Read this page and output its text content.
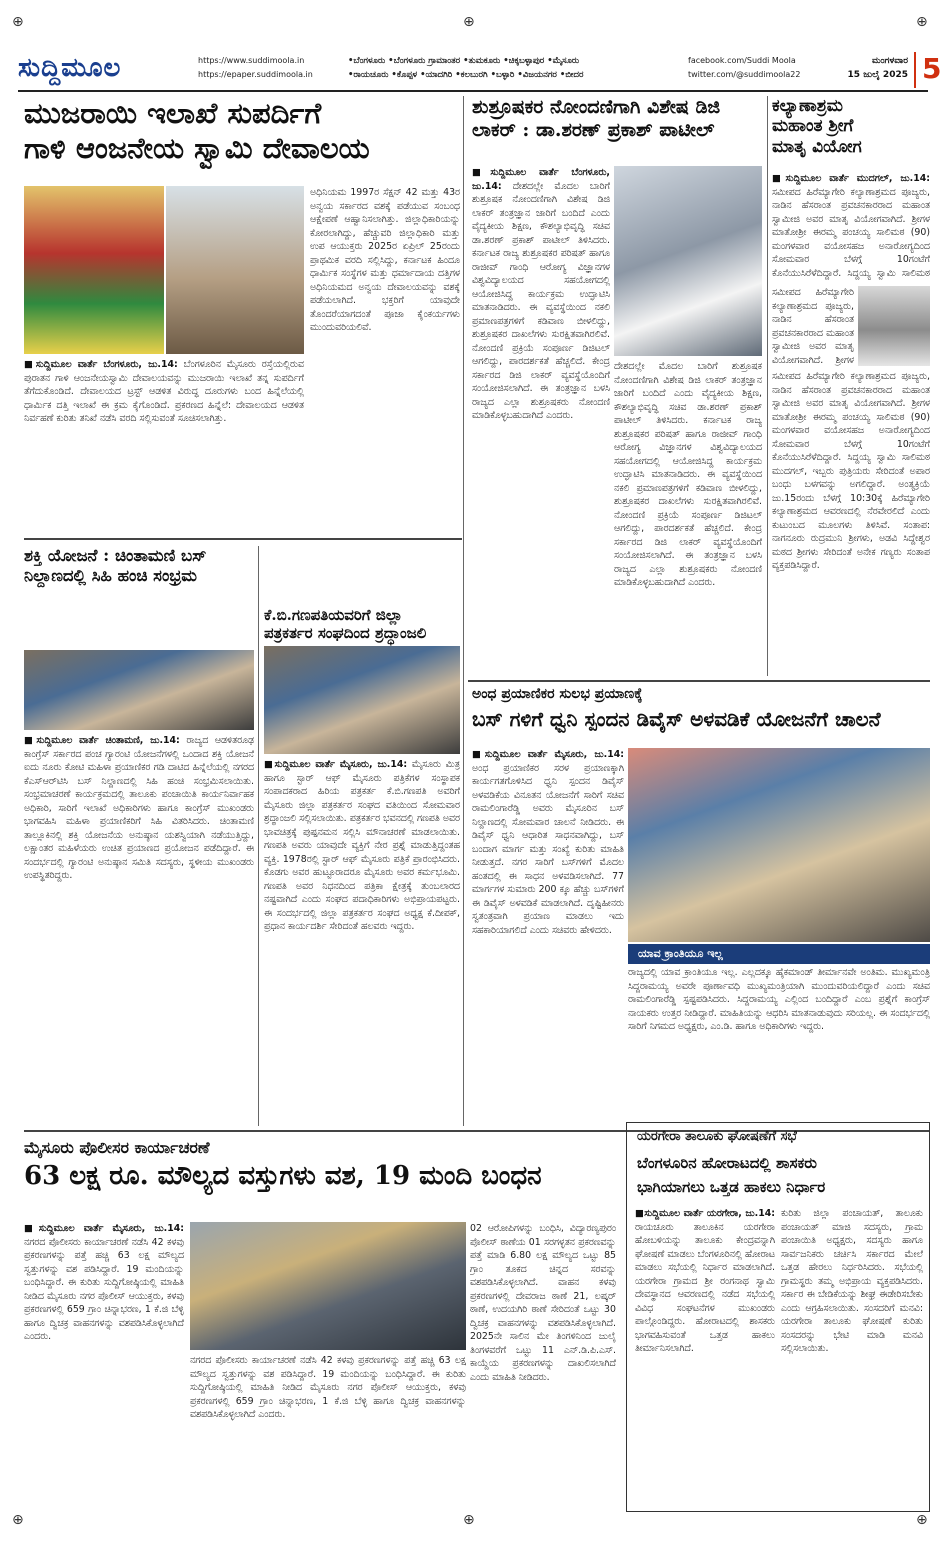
⊕	⊕	⊕
⊕	⊕	⊕
ಸುದ್ದಿಮೂಲ	https://www.suddimoola.in
https://epaper.suddimoola.in
•ಬೆಂಗಳೂರು •ಬೆಂಗಳೂರು ಗ್ರಾಮಾಂತರ •ತುಮಕೂರು •ಚಿಕ್ಕಬಳ್ಳಾಪುರ •ಮೈಸೂರು
•ರಾಯಚೂರು •ಕೊಪ್ಪಳ •ಯಾದಗಿರಿ •ಕಲಬುರಗಿ •ಬಳ್ಳಾರಿ •ವಿಜಯನಗರ •ಬೀದರ
facebook.com/Suddi Moola
twitter.com/@suddimoola22
ಮಂಗಳವಾರ
15 ಜುಲೈ 2025 5
ಮುಜರಾಯಿ ಇಲಾಖೆ ಸುಪರ್ದಿಗೆ
ಗಾಳಿ ಆಂಜನೇಯ ಸ್ವಾಮಿ ದೇವಾಲಯ
ಅಧಿನಿಯಮ 1997ರ ಸೆಕ್ಷನ್ 42 ಮತ್ತು 43ರ ಅನ್ವಯ ಸರ್ಕಾರದ ವಶಕ್ಕೆ ಪಡೆಯುವ ಸಂಬಂಧ ಆಕ್ಷೇಪಣೆ ಆಹ್ವಾನಿಸಲಾಗಿತ್ತು. ಜಿಲ್ಲಾಧಿಕಾರಿಯನ್ನು ಕೋರಲಾಗಿದ್ದು, ಹೆಚ್ಚುವರಿ ಜಿಲ್ಲಾಧಿಕಾರಿ ಮತ್ತು ಉಪ ಆಯುಕ್ತರು 2025ರ ಏಪ್ರಿಲ್ 25ರಂದು ಪ್ರಾಥಮಿಕ ವರದಿ ಸಲ್ಲಿಸಿದ್ದು, ಕರ್ನಾಟಕ ಹಿಂದೂ ಧಾರ್ಮಿಕ ಸಂಸ್ಥೆಗಳ ಮತ್ತು ಧರ್ಮಾದಾಯ ದತ್ತಿಗಳ ಅಧಿನಿಯಮದ ಅನ್ವಯ ದೇವಾಲಯವನ್ನು ವಶಕ್ಕೆ ಪಡೆಯಲಾಗಿದೆ. ಭಕ್ತರಿಗೆ ಯಾವುದೇ ತೊಂದರೆಯಾಗದಂತೆ ಪೂಜಾ ಕೈಂಕರ್ಯಗಳು ಮುಂದುವರಿಯಲಿವೆ.
■ಸುದ್ದಿಮೂಲ ವಾರ್ತೆ ಬೆಂಗಳೂರು, ಜು.14: ಬೆಂಗಳೂರಿನ ಮೈಸೂರು ರಸ್ತೆಯಲ್ಲಿರುವ ಪುರಾತನ ಗಾಳಿ ಆಂಜನೇಯಸ್ವಾಮಿ ದೇವಾಲಯವನ್ನು ಮುಜರಾಯಿ ಇಲಾಖೆ ತನ್ನ ಸುಪರ್ದಿಗೆ ತೆಗೆದುಕೊಂಡಿದೆ. ದೇವಾಲಯದ ಟ್ರಸ್ಟ್ ಆಡಳಿತ ವಿರುದ್ಧ ದೂರುಗಳು ಬಂದ ಹಿನ್ನೆಲೆಯಲ್ಲಿ ಧಾರ್ಮಿಕ ದತ್ತಿ ಇಲಾಖೆ ಈ ಕ್ರಮ ಕೈಗೊಂಡಿದೆ. ಪ್ರಕರಣದ ಹಿನ್ನೆಲೆ: ದೇವಾಲಯದ ಆಡಳಿತ ನಿರ್ವಹಣೆ ಕುರಿತು ತನಿಖೆ ನಡೆಸಿ ವರದಿ ಸಲ್ಲಿಸುವಂತೆ ಸೂಚಿಸಲಾಗಿತ್ತು.
ಶುಶ್ರೂಷಕರ ನೋಂದಣಿಗಾಗಿ ವಿಶೇಷ ಡಿಜಿ
ಲಾಕರ್ : ಡಾ.ಶರಣ್ ಪ್ರಕಾಶ್ ಪಾಟೀಲ್
■ಸುದ್ದಿಮೂಲ ವಾರ್ತೆ ಬೆಂಗಳೂರು, ಜು.14: ದೇಶದಲ್ಲೇ ಮೊದಲ ಬಾರಿಗೆ ಶುಶ್ರೂಷಕ ನೋಂದಣಿಗಾಗಿ ವಿಶೇಷ ಡಿಜಿ ಲಾಕರ್ ತಂತ್ರಜ್ಞಾನ ಜಾರಿಗೆ ಬಂದಿದೆ ಎಂದು ವೈದ್ಯಕೀಯ ಶಿಕ್ಷಣ, ಕೌಶಲ್ಯಾಭಿವೃದ್ಧಿ ಸಚಿವ ಡಾ.ಶರಣ್ ಪ್ರಕಾಶ್ ಪಾಟೀಲ್ ತಿಳಿಸಿದರು. ಕರ್ನಾಟಕ ರಾಜ್ಯ ಶುಶ್ರೂಷಕರ ಪರಿಷತ್ ಹಾಗೂ ರಾಜೀವ್ ಗಾಂಧಿ ಆರೋಗ್ಯ ವಿಜ್ಞಾನಗಳ ವಿಶ್ವವಿದ್ಯಾಲಯದ ಸಹಯೋಗದಲ್ಲಿ ಆಯೋಜಿಸಿದ್ದ ಕಾರ್ಯಕ್ರಮ ಉದ್ಘಾಟಿಸಿ ಮಾತನಾಡಿದರು. ಈ ವ್ಯವಸ್ಥೆಯಿಂದ ನಕಲಿ ಪ್ರಮಾಣಪತ್ರಗಳಿಗೆ ಕಡಿವಾಣ ಬೀಳಲಿದ್ದು, ಶುಶ್ರೂಷಕರ ದಾಖಲೆಗಳು ಸುರಕ್ಷಿತವಾಗಿರಲಿವೆ. ನೋಂದಣಿ ಪ್ರಕ್ರಿಯೆ ಸಂಪೂರ್ಣ ಡಿಜಿಟಲ್ ಆಗಲಿದ್ದು, ಪಾರದರ್ಶಕತೆ ಹೆಚ್ಚಲಿದೆ. ಕೇಂದ್ರ ಸರ್ಕಾರದ ಡಿಜಿ ಲಾಕರ್ ವ್ಯವಸ್ಥೆಯೊಂದಿಗೆ ಸಂಯೋಜಿಸಲಾಗಿದೆ. ಈ ತಂತ್ರಜ್ಞಾನ ಬಳಸಿ ರಾಜ್ಯದ ಎಲ್ಲಾ ಶುಶ್ರೂಷಕರು ನೋಂದಣಿ ಮಾಡಿಕೊಳ್ಳಬಹುದಾಗಿದೆ ಎಂದರು.
ದೇಶದಲ್ಲೇ ಮೊದಲ ಬಾರಿಗೆ ಶುಶ್ರೂಷಕ ನೋಂದಣಿಗಾಗಿ ವಿಶೇಷ ಡಿಜಿ ಲಾಕರ್ ತಂತ್ರಜ್ಞಾನ ಜಾರಿಗೆ ಬಂದಿದೆ ಎಂದು ವೈದ್ಯಕೀಯ ಶಿಕ್ಷಣ, ಕೌಶಲ್ಯಾಭಿವೃದ್ಧಿ ಸಚಿವ ಡಾ.ಶರಣ್ ಪ್ರಕಾಶ್ ಪಾಟೀಲ್ ತಿಳಿಸಿದರು. ಕರ್ನಾಟಕ ರಾಜ್ಯ ಶುಶ್ರೂಷಕರ ಪರಿಷತ್ ಹಾಗೂ ರಾಜೀವ್ ಗಾಂಧಿ ಆರೋಗ್ಯ ವಿಜ್ಞಾನಗಳ ವಿಶ್ವವಿದ್ಯಾಲಯದ ಸಹಯೋಗದಲ್ಲಿ ಆಯೋಜಿಸಿದ್ದ ಕಾರ್ಯಕ್ರಮ ಉದ್ಘಾಟಿಸಿ ಮಾತನಾಡಿದರು. ಈ ವ್ಯವಸ್ಥೆಯಿಂದ ನಕಲಿ ಪ್ರಮಾಣಪತ್ರಗಳಿಗೆ ಕಡಿವಾಣ ಬೀಳಲಿದ್ದು, ಶುಶ್ರೂಷಕರ ದಾಖಲೆಗಳು ಸುರಕ್ಷಿತವಾಗಿರಲಿವೆ. ನೋಂದಣಿ ಪ್ರಕ್ರಿಯೆ ಸಂಪೂರ್ಣ ಡಿಜಿಟಲ್ ಆಗಲಿದ್ದು, ಪಾರದರ್ಶಕತೆ ಹೆಚ್ಚಲಿದೆ. ಕೇಂದ್ರ ಸರ್ಕಾರದ ಡಿಜಿ ಲಾಕರ್ ವ್ಯವಸ್ಥೆಯೊಂದಿಗೆ ಸಂಯೋಜಿಸಲಾಗಿದೆ. ಈ ತಂತ್ರಜ್ಞಾನ ಬಳಸಿ ರಾಜ್ಯದ ಎಲ್ಲಾ ಶುಶ್ರೂಷಕರು ನೋಂದಣಿ ಮಾಡಿಕೊಳ್ಳಬಹುದಾಗಿದೆ ಎಂದರು.
ಕಲ್ಯಾಣಾಶ್ರಮ
ಮಹಾಂತ ಶ್ರೀಗೆ
ಮಾತೃ ವಿಯೋಗ
■ಸುದ್ದಿಮೂಲ ವಾರ್ತೆ ಮುದಗಲ್, ಜು.14: ಸಮೀಪದ ಹಿರೆಮ್ಯಾಗೇರಿ ಕಲ್ಯಾಣಾಶ್ರಮದ ಪೂಜ್ಯರು, ನಾಡಿನ ಹೆಸರಾಂತ ಪ್ರವಚನಕಾರರಾದ ಮಹಾಂತ ಸ್ವಾಮೀಜಿ ಅವರ ಮಾತೃ ವಿಯೋಗವಾಗಿದೆ. ಶ್ರೀಗಳ ಮಾತೋಶ್ರೀ ಈರಮ್ಮ ಪಂಚಯ್ಯ ಸಾಲಿಮಠ (90) ಮಂಗಳವಾರ ವಯೋಸಹಜ ಅನಾರೋಗ್ಯದಿಂದ ಸೋಮವಾರ ಬೆಳಗ್ಗೆ 10ಗಂಟೆಗೆ ಕೊನೆಯುಸಿರೆಳೆದಿದ್ದಾರೆ. ಸಿದ್ದಯ್ಯ ಸ್ವಾಮಿ ಸಾಲಿಮಠ
ಸಮೀಪದ ಹಿರೆಮ್ಯಾಗೇರಿ ಕಲ್ಯಾಣಾಶ್ರಮದ ಪೂಜ್ಯರು, ನಾಡಿನ ಹೆಸರಾಂತ ಪ್ರವಚನಕಾರರಾದ ಮಹಾಂತ ಸ್ವಾಮೀಜಿ ಅವರ ಮಾತೃ ವಿಯೋಗವಾಗಿದೆ. ಶ್ರೀಗಳ
ಸಮೀಪದ ಹಿರೆಮ್ಯಾಗೇರಿ ಕಲ್ಯಾಣಾಶ್ರಮದ ಪೂಜ್ಯರು, ನಾಡಿನ ಹೆಸರಾಂತ ಪ್ರವಚನಕಾರರಾದ ಮಹಾಂತ ಸ್ವಾಮೀಜಿ ಅವರ ಮಾತೃ ವಿಯೋಗವಾಗಿದೆ. ಶ್ರೀಗಳ ಮಾತೋಶ್ರೀ ಈರಮ್ಮ ಪಂಚಯ್ಯ ಸಾಲಿಮಠ (90) ಮಂಗಳವಾರ ವಯೋಸಹಜ ಅನಾರೋಗ್ಯದಿಂದ ಸೋಮವಾರ ಬೆಳಗ್ಗೆ 10ಗಂಟೆಗೆ ಕೊನೆಯುಸಿರೆಳೆದಿದ್ದಾರೆ. ಸಿದ್ದಯ್ಯ ಸ್ವಾಮಿ ಸಾಲಿಮಠ ಮುದಗಲ್, ಇಬ್ಬರು ಪುತ್ರಿಯರು ಸೇರಿದಂತೆ ಅಪಾರ ಬಂಧು ಬಳಗವನ್ನು ಅಗಲಿದ್ದಾರೆ. ಅಂತ್ಯಕ್ರಿಯೆ ಜು.15ರಂದು ಬೆಳಗ್ಗೆ 10:30ಕ್ಕೆ ಹಿರೆಮ್ಯಾಗೇರಿ ಕಲ್ಯಾಣಾಶ್ರಮದ ಆವರಣದಲ್ಲಿ ನೆರವೇರಲಿದೆ ಎಂದು ಕುಟುಂಬದ ಮೂಲಗಳು ತಿಳಿಸಿವೆ. ಸಂತಾಪ: ನಾಗನೂರು ರುದ್ರಮುನಿ ಶ್ರೀಗಳು, ಅಡವಿ ಸಿದ್ದೇಶ್ವರ ಮಠದ ಶ್ರೀಗಳು ಸೇರಿದಂತೆ ಅನೇಕ ಗಣ್ಯರು ಸಂತಾಪ ವ್ಯಕ್ತಪಡಿಸಿದ್ದಾರೆ.
ಶಕ್ತಿ ಯೋಜನೆ : ಚಿಂತಾಮಣಿ ಬಸ್
ನಿಲ್ದಾಣದಲ್ಲಿ ಸಿಹಿ ಹಂಚಿ ಸಂಭ್ರಮ
■ಸುದ್ದಿಮೂಲ ವಾರ್ತೆ ಚಿಂತಾಮಣಿ, ಜು.14: ರಾಜ್ಯದ ಆಡಳಿತರೂಢ ಕಾಂಗ್ರೆಸ್ ಸರ್ಕಾರದ ಪಂಚ ಗ್ಯಾರಂಟಿ ಯೋಜನೆಗಳಲ್ಲಿ ಒಂದಾದ ಶಕ್ತಿ ಯೋಜನೆ ಐದು ನೂರು ಕೋಟಿ ಮಹಿಳಾ ಪ್ರಯಾಣಿಕರ ಗಡಿ ದಾಟಿದ ಹಿನ್ನೆಲೆಯಲ್ಲಿ ನಗರದ ಕೆಎಸ್‌ಆರ್‌ಟಿಸಿ ಬಸ್ ನಿಲ್ದಾಣದಲ್ಲಿ ಸಿಹಿ ಹಂಚಿ ಸಂಭ್ರಮಿಸಲಾಯಿತು. ಸಂಭ್ರಮಾಚರಣೆ ಕಾರ್ಯಕ್ರಮದಲ್ಲಿ ತಾಲೂಕು ಪಂಚಾಯಿತಿ ಕಾರ್ಯನಿರ್ವಾಹಕ ಅಧಿಕಾರಿ, ಸಾರಿಗೆ ಇಲಾಖೆ ಅಧಿಕಾರಿಗಳು ಹಾಗೂ ಕಾಂಗ್ರೆಸ್ ಮುಖಂಡರು ಭಾಗವಹಿಸಿ ಮಹಿಳಾ ಪ್ರಯಾಣಿಕರಿಗೆ ಸಿಹಿ ವಿತರಿಸಿದರು. ಚಿಂತಾಮಣಿ ತಾಲ್ಲೂಕಿನಲ್ಲಿ ಶಕ್ತಿ ಯೋಜನೆಯ ಅನುಷ್ಠಾನ ಯಶಸ್ವಿಯಾಗಿ ನಡೆಯುತ್ತಿದ್ದು, ಲಕ್ಷಾಂತರ ಮಹಿಳೆಯರು ಉಚಿತ ಪ್ರಯಾಣದ ಪ್ರಯೋಜನ ಪಡೆದಿದ್ದಾರೆ. ಈ ಸಂದರ್ಭದಲ್ಲಿ ಗ್ಯಾರಂಟಿ ಅನುಷ್ಠಾನ ಸಮಿತಿ ಸದಸ್ಯರು, ಸ್ಥಳೀಯ ಮುಖಂಡರು ಉಪಸ್ಥಿತರಿದ್ದರು.
ಕೆ.ಬಿ.ಗಣಪತಿಯವರಿಗೆ ಜಿಲ್ಲಾ
ಪತ್ರಕರ್ತರ ಸಂಘದಿಂದ ಶ್ರದ್ಧಾಂಜಲಿ
■ಸುದ್ದಿಮೂಲ ವಾರ್ತೆ ಮೈಸೂರು, ಜು.14: ಮೈಸೂರು ಮಿತ್ರ ಹಾಗೂ ಸ್ಟಾರ್ ಆಫ್ ಮೈಸೂರು ಪತ್ರಿಕೆಗಳ ಸಂಸ್ಥಾಪಕ ಸಂಪಾದಕರಾದ ಹಿರಿಯ ಪತ್ರಕರ್ತ ಕೆ.ಬಿ.ಗಣಪತಿ ಅವರಿಗೆ ಮೈಸೂರು ಜಿಲ್ಲಾ ಪತ್ರಕರ್ತರ ಸಂಘದ ವತಿಯಿಂದ ಸೋಮವಾರ ಶ್ರದ್ಧಾಂಜಲಿ ಸಲ್ಲಿಸಲಾಯಿತು. ಪತ್ರಕರ್ತರ ಭವನದಲ್ಲಿ ಗಣಪತಿ ಅವರ ಭಾವಚಿತ್ರಕ್ಕೆ ಪುಷ್ಪನಮನ ಸಲ್ಲಿಸಿ ಮೌನಾಚರಣೆ ಮಾಡಲಾಯಿತು. ಗಣಪತಿ ಅವರು ಯಾವುದೇ ವ್ಯಕ್ತಿಗೆ ನೇರ ಪ್ರಶ್ನೆ ಮಾಡುತ್ತಿದ್ದಂತಹ ವ್ಯಕ್ತಿ. 1978ರಲ್ಲಿ ಸ್ಟಾರ್ ಆಫ್ ಮೈಸೂರು ಪತ್ರಿಕೆ ಪ್ರಾರಂಭಿಸಿದರು. ಕೊಡಗು ಅವರ ಹುಟ್ಟೂರಾದರೂ ಮೈಸೂರು ಅವರ ಕರ್ಮಭೂಮಿ. ಗಣಪತಿ ಅವರ ನಿಧನದಿಂದ ಪತ್ರಿಕಾ ಕ್ಷೇತ್ರಕ್ಕೆ ತುಂಬಲಾರದ ನಷ್ಟವಾಗಿದೆ ಎಂದು ಸಂಘದ ಪದಾಧಿಕಾರಿಗಳು ಅಭಿಪ್ರಾಯಪಟ್ಟರು. ಈ ಸಂದರ್ಭದಲ್ಲಿ ಜಿಲ್ಲಾ ಪತ್ರಕರ್ತರ ಸಂಘದ ಅಧ್ಯಕ್ಷ ಕೆ.ದೀಪಕ್, ಪ್ರಧಾನ ಕಾರ್ಯದರ್ಶಿ ಸೇರಿದಂತೆ ಹಲವರು ಇದ್ದರು.
ಅಂಧ ಪ್ರಯಾಣಿಕರ ಸುಲಭ ಪ್ರಯಾಣಕ್ಕೆ
ಬಸ್ ಗಳಿಗೆ ಧ್ವನಿ ಸ್ಪಂದನ ಡಿವೈಸ್ ಅಳವಡಿಕೆ ಯೋಜನೆಗೆ ಚಾಲನೆ
■ಸುದ್ದಿಮೂಲ ವಾರ್ತೆ ಮೈಸೂರು, ಜು.14: ಅಂಧ ಪ್ರಯಾಣಿಕರ ಸರಳ ಪ್ರಯಾಣಕ್ಕಾಗಿ ಕಾರ್ಯಗತಗೊಳಿಸಿದ ಧ್ವನಿ ಸ್ಪಂದನ ಡಿವೈಸ್ ಅಳವಡಿಕೆಯ ವಿನೂತನ ಯೋಜನೆಗೆ ಸಾರಿಗೆ ಸಚಿವ ರಾಮಲಿಂಗಾರೆಡ್ಡಿ ಅವರು ಮೈಸೂರಿನ ಬಸ್ ನಿಲ್ದಾಣದಲ್ಲಿ ಸೋಮವಾರ ಚಾಲನೆ ನೀಡಿದರು. ಈ ಡಿವೈಸ್ ಧ್ವನಿ ಆಧಾರಿತ ಸಾಧನವಾಗಿದ್ದು, ಬಸ್ ಬಂದಾಗ ಮಾರ್ಗ ಮತ್ತು ಸಂಖ್ಯೆ ಕುರಿತು ಮಾಹಿತಿ ನೀಡುತ್ತದೆ. ನಗರ ಸಾರಿಗೆ ಬಸ್‌ಗಳಿಗೆ ಮೊದಲ ಹಂತದಲ್ಲಿ ಈ ಸಾಧನ ಅಳವಡಿಸಲಾಗಿದೆ. 77 ಮಾರ್ಗಗಳ ಸುಮಾರು 200 ಕ್ಕೂ ಹೆಚ್ಚು ಬಸ್‌ಗಳಿಗೆ ಈ ಡಿವೈಸ್ ಅಳವಡಿಕೆ ಮಾಡಲಾಗಿದೆ. ದೃಷ್ಟಿಹೀನರು ಸ್ವತಂತ್ರವಾಗಿ ಪ್ರಯಾಣ ಮಾಡಲು ಇದು ಸಹಕಾರಿಯಾಗಲಿದೆ ಎಂದು ಸಚಿವರು ಹೇಳಿದರು.
ಯಾವ ಕ್ರಾಂತಿಯೂ ಇಲ್ಲ
ರಾಜ್ಯದಲ್ಲಿ ಯಾವ ಕ್ರಾಂತಿಯೂ ಇಲ್ಲ. ಎಲ್ಲದಕ್ಕೂ ಹೈಕಮಾಂಡ್ ತೀರ್ಮಾನವೇ ಅಂತಿಮ. ಮುಖ್ಯಮಂತ್ರಿ ಸಿದ್ದರಾಮಯ್ಯ ಅವರೇ ಪೂರ್ಣಾವಧಿ ಮುಖ್ಯಮಂತ್ರಿಯಾಗಿ ಮುಂದುವರಿಯಲಿದ್ದಾರೆ ಎಂದು ಸಚಿವ ರಾಮಲಿಂಗಾರೆಡ್ಡಿ ಸ್ಪಷ್ಟಪಡಿಸಿದರು. ಸಿದ್ದರಾಮಯ್ಯ ಎಲ್ಲಿಂದ ಬಂದಿದ್ದಾರೆ ಎಂಬ ಪ್ರಶ್ನೆಗೆ ಕಾಂಗ್ರೆಸ್ ನಾಯಕರು ಉತ್ತರ ನೀಡಿದ್ದಾರೆ. ಮಾಹಿತಿಯನ್ನು ಆಧರಿಸಿ ಮಾತನಾಡುವುದು ಸರಿಯಲ್ಲ. ಈ ಸಂದರ್ಭದಲ್ಲಿ ಸಾರಿಗೆ ನಿಗಮದ ಅಧ್ಯಕ್ಷರು, ಎಂ.ಡಿ. ಹಾಗೂ ಅಧಿಕಾರಿಗಳು ಇದ್ದರು.
ಮೈಸೂರು ಪೊಲೀಸರ ಕಾರ್ಯಾಚರಣೆ
63 ಲಕ್ಷ ರೂ. ಮೌಲ್ಯದ ವಸ್ತುಗಳು ವಶ, 19 ಮಂದಿ ಬಂಧನ
■ಸುದ್ದಿಮೂಲ ವಾರ್ತೆ ಮೈಸೂರು, ಜು.14: ನಗರದ ಪೊಲೀಸರು ಕಾರ್ಯಾಚರಣೆ ನಡೆಸಿ 42 ಕಳವು ಪ್ರಕರಣಗಳನ್ನು ಪತ್ತೆ ಹಚ್ಚಿ 63 ಲಕ್ಷ ಮೌಲ್ಯದ ಸ್ವತ್ತುಗಳನ್ನು ವಶ ಪಡಿಸಿದ್ದಾರೆ. 19 ಮಂದಿಯನ್ನು ಬಂಧಿಸಿದ್ದಾರೆ. ಈ ಕುರಿತು ಸುದ್ದಿಗೋಷ್ಠಿಯಲ್ಲಿ ಮಾಹಿತಿ ನೀಡಿದ ಮೈಸೂರು ನಗರ ಪೊಲೀಸ್ ಆಯುಕ್ತರು, ಕಳವು ಪ್ರಕರಣಗಳಲ್ಲಿ 659 ಗ್ರಾಂ ಚಿನ್ನಾಭರಣ, 1 ಕೆ.ಜಿ ಬೆಳ್ಳಿ ಹಾಗೂ ದ್ವಿಚಕ್ರ ವಾಹನಗಳನ್ನು ವಶಪಡಿಸಿಕೊಳ್ಳಲಾಗಿದೆ ಎಂದರು.
ನಗರದ ಪೊಲೀಸರು ಕಾರ್ಯಾಚರಣೆ ನಡೆಸಿ 42 ಕಳವು ಪ್ರಕರಣಗಳನ್ನು ಪತ್ತೆ ಹಚ್ಚಿ 63 ಲಕ್ಷ ಮೌಲ್ಯದ ಸ್ವತ್ತುಗಳನ್ನು ವಶ ಪಡಿಸಿದ್ದಾರೆ. 19 ಮಂದಿಯನ್ನು ಬಂಧಿಸಿದ್ದಾರೆ. ಈ ಕುರಿತು ಸುದ್ದಿಗೋಷ್ಠಿಯಲ್ಲಿ ಮಾಹಿತಿ ನೀಡಿದ ಮೈಸೂರು ನಗರ ಪೊಲೀಸ್ ಆಯುಕ್ತರು, ಕಳವು ಪ್ರಕರಣಗಳಲ್ಲಿ 659 ಗ್ರಾಂ ಚಿನ್ನಾಭರಣ, 1 ಕೆ.ಜಿ ಬೆಳ್ಳಿ ಹಾಗೂ ದ್ವಿಚಕ್ರ ವಾಹನಗಳನ್ನು ವಶಪಡಿಸಿಕೊಳ್ಳಲಾಗಿದೆ ಎಂದರು.
02 ಆರೋಪಿಗಳನ್ನು ಬಂಧಿಸಿ, ವಿದ್ಯಾರಣ್ಯಪುರಂ ಪೊಲೀಸ್ ಠಾಣೆಯ 01 ಸರಗಳ್ಳತನ ಪ್ರಕರಣವನ್ನು ಪತ್ತೆ ಮಾಡಿ 6.80 ಲಕ್ಷ ಮೌಲ್ಯದ ಒಟ್ಟು 85 ಗ್ರಾಂ ತೂಕದ ಚಿನ್ನದ ಸರವನ್ನು ವಶಪಡಿಸಿಕೊಳ್ಳಲಾಗಿದೆ. ವಾಹನ ಕಳವು ಪ್ರಕರಣಗಳಲ್ಲಿ ದೇವರಾಜ ಠಾಣೆ 21, ಲಷ್ಕರ್ ಠಾಣೆ, ಉದಯಗಿರಿ ಠಾಣೆ ಸೇರಿದಂತೆ ಒಟ್ಟು 30 ದ್ವಿಚಕ್ರ ವಾಹನಗಳನ್ನು ವಶಪಡಿಸಿಕೊಳ್ಳಲಾಗಿದೆ. 2025ನೇ ಸಾಲಿನ ಮೇ ತಿಂಗಳಿನಿಂದ ಜುಲೈ ತಿಂಗಳವರೆಗೆ ಒಟ್ಟು 11 ಎನ್.ಡಿ.ಪಿ.ಎಸ್. ಕಾಯ್ದೆಯ ಪ್ರಕರಣಗಳನ್ನು ದಾಖಲಿಸಲಾಗಿದೆ ಎಂದು ಮಾಹಿತಿ ನೀಡಿದರು.
ಯರಗೇರಾ ತಾಲೂಕು ಘೋಷಣೆಗೆ ಸಭೆ
ಬೆಂಗಳೂರಿನ ಹೋರಾಟದಲ್ಲಿ ಶಾಸಕರು
ಭಾಗಿಯಾಗಲು ಒತ್ತಡ ಹಾಕಲು ನಿರ್ಧಾರ
■ಸುದ್ದಿಮೂಲ ವಾರ್ತೆ ಯರಗೇರಾ, ಜು.14: ರಾಯಚೂರು ತಾಲೂಕಿನ ಯರಗೇರಾ ಹೋಬಳಿಯನ್ನು ತಾಲೂಕು ಕೇಂದ್ರವನ್ನಾಗಿ ಘೋಷಣೆ ಮಾಡಲು ಬೆಂಗಳೂರಿನಲ್ಲಿ ಹೋರಾಟ ಮಾಡಲು ಸಭೆಯಲ್ಲಿ ನಿರ್ಧಾರ ಮಾಡಲಾಗಿದೆ. ಯರಗೇರಾ ಗ್ರಾಮದ ಶ್ರೀ ರಂಗನಾಥ ಸ್ವಾಮಿ ದೇವಸ್ಥಾನದ ಆವರಣದಲ್ಲಿ ನಡೆದ ಸಭೆಯಲ್ಲಿ ವಿವಿಧ ಸಂಘಟನೆಗಳ ಮುಖಂಡರು ಪಾಲ್ಗೊಂಡಿದ್ದರು. ಹೋರಾಟದಲ್ಲಿ ಶಾಸಕರು ಭಾಗವಹಿಸುವಂತೆ ಒತ್ತಡ ಹಾಕಲು ತೀರ್ಮಾನಿಸಲಾಗಿದೆ.
ಕುರಿತು ಜಿಲ್ಲಾ ಪಂಚಾಯತ್, ತಾಲೂಕು ಪಂಚಾಯತ್ ಮಾಜಿ ಸದಸ್ಯರು, ಗ್ರಾಮ ಪಂಚಾಯಿತಿ ಅಧ್ಯಕ್ಷರು, ಸದಸ್ಯರು ಹಾಗೂ ಸಾರ್ವಜನಿಕರು ಚರ್ಚಿಸಿ ಸರ್ಕಾರದ ಮೇಲೆ ಒತ್ತಡ ಹೇರಲು ನಿರ್ಧರಿಸಿದರು. ಸಭೆಯಲ್ಲಿ ಗ್ರಾಮಸ್ಥರು ತಮ್ಮ ಅಭಿಪ್ರಾಯ ವ್ಯಕ್ತಪಡಿಸಿದರು. ಸರ್ಕಾರ ಈ ಬೇಡಿಕೆಯನ್ನು ಶೀಘ್ರ ಈಡೇರಿಸಬೇಕು ಎಂದು ಆಗ್ರಹಿಸಲಾಯಿತು. ಸಂಸದರಿಗೆ ಮನವಿ: ಯರಗೇರಾ ತಾಲೂಕು ಘೋಷಣೆ ಕುರಿತು ಸಂಸದರನ್ನು ಭೇಟಿ ಮಾಡಿ ಮನವಿ ಸಲ್ಲಿಸಲಾಯಿತು.
